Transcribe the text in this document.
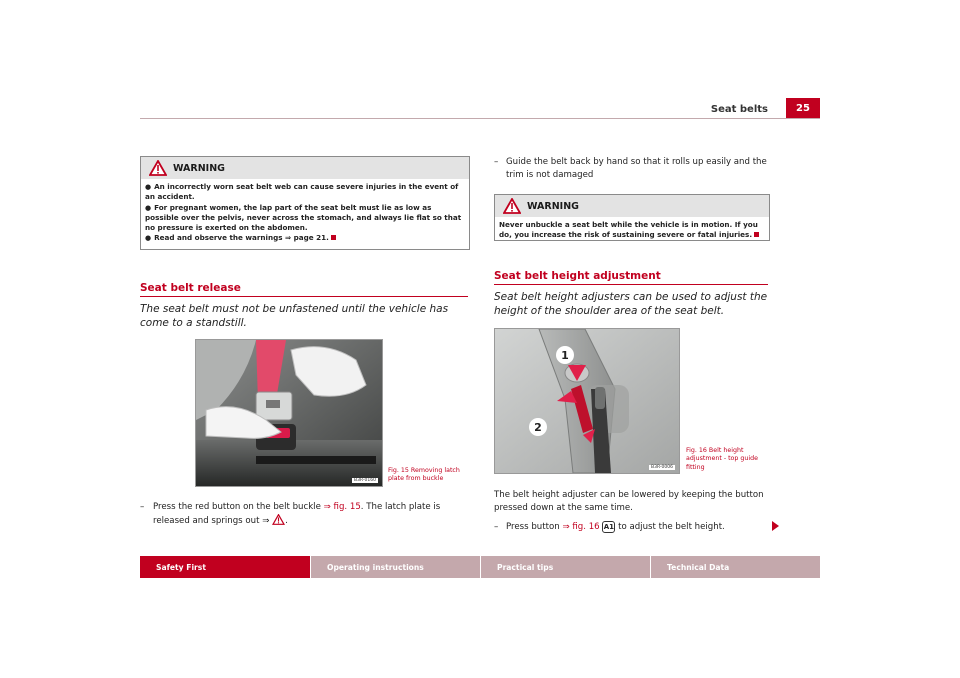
Seat belts	25
WARNING
● An incorrectly worn seat belt web can cause severe injuries in the event of an accident.
● For pregnant women, the lap part of the seat belt must lie as low as possible over the pelvis, never across the stomach, and always lie flat so that no pressure is exerted on the abdomen.
● Read and observe the warnings ⇒ page 21.
Seat belt release
The seat belt must not be unfastened until the vehicle has come to a standstill.
B3R-0160
Fig. 15 Removing latch plate from buckle
– Press the red button on the belt buckle ⇒ fig. 15. The latch plate is released and springs out ⇒ .
– Guide the belt back by hand so that it rolls up easily and the trim is not damaged
WARNING
Never unbuckle a seat belt while the vehicle is in motion. If you do, you increase the risk of sustaining severe or fatal injuries.
Seat belt height adjustment
Seat belt height adjusters can be used to adjust the height of the shoulder area of the seat belt.
1
2
B3R-0006
Fig. 16 Belt height adjustment - top guide fitting
The belt height adjuster can be lowered by keeping the button pressed down at the same time.
– Press button ⇒ fig. 16 A1 to adjust the belt height.
Safety First	Operating instructions	Practical tips	Technical Data
